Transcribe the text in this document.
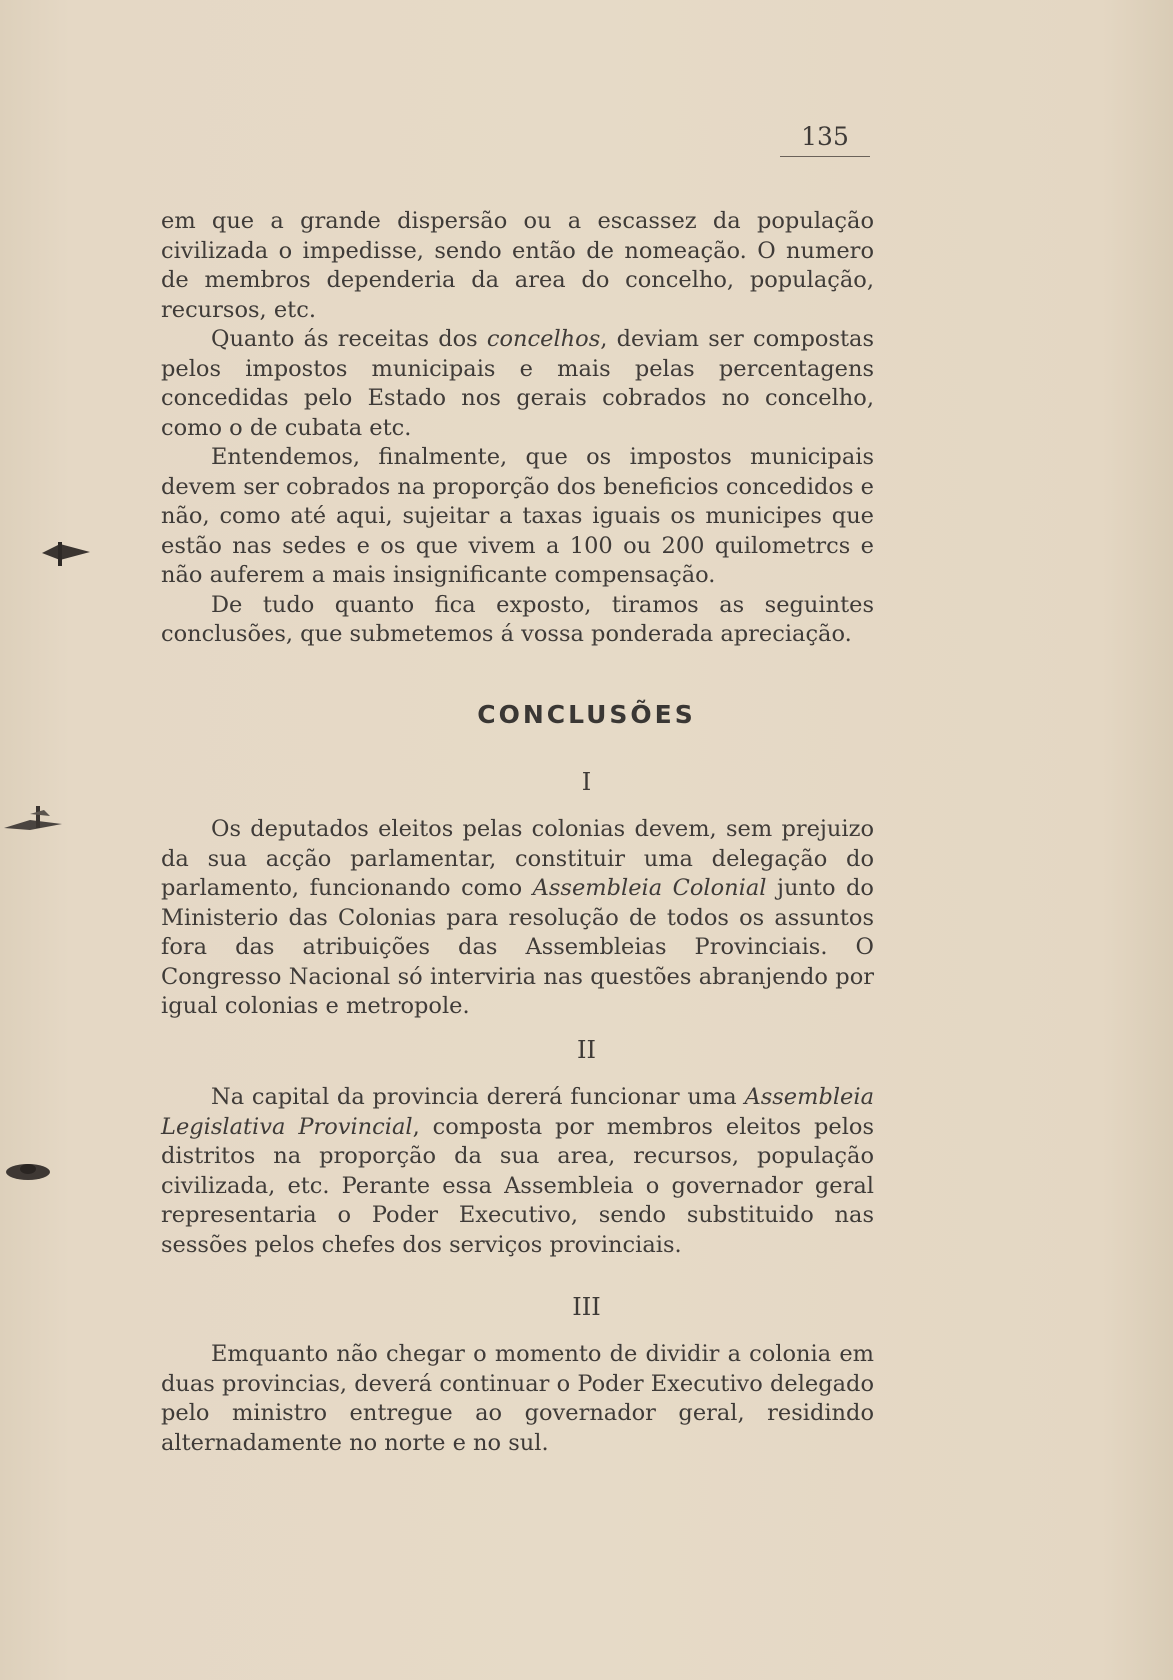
135

em que a grande dispersão ou a escassez da população civilizada o impedisse, sendo então de nomeação. O numero de membros dependeria da area do concelho, população, recursos, etc.

Quanto ás receitas dos concelhos, deviam ser compostas pelos impostos municipais e mais pelas percentagens concedidas pelo Estado nos gerais cobrados no concelho, como o de cubata etc.

Entendemos, finalmente, que os impostos municipais devem ser cobrados na proporção dos beneficios concedidos e não, como até aqui, sujeitar a taxas iguais os municipes que estão nas sedes e os que vivem a 100 ou 200 quilometrcs e não auferem a mais insignificante compensação.

De tudo quanto fica exposto, tiramos as seguintes conclusões, que submetemos á vossa ponderada apreciação.

CONCLUSÕES
I

Os deputados eleitos pelas colonias devem, sem prejuizo da sua acção parlamentar, constituir uma delegação do parlamento, funcionando como Assembleia Colonial junto do Ministerio das Colonias para resolução de todos os assuntos fora das atribuições das Assembleias Provinciais. O Congresso Nacional só interviria nas questões abranjendo por igual colonias e metropole.

II

Na capital da provincia dererá funcionar uma Assembleia Legislativa Provincial, composta por membros eleitos pelos distritos na proporção da sua area, recursos, população civilizada, etc. Perante essa Assembleia o governador geral representaria o Poder Executivo, sendo substituido nas sessões pelos chefes dos serviços provinciais.

III

Emquanto não chegar o momento de dividir a colonia em duas provincias, deverá continuar o Poder Executivo delegado pelo ministro entregue ao governador geral, residindo alternadamente no norte e no sul.
